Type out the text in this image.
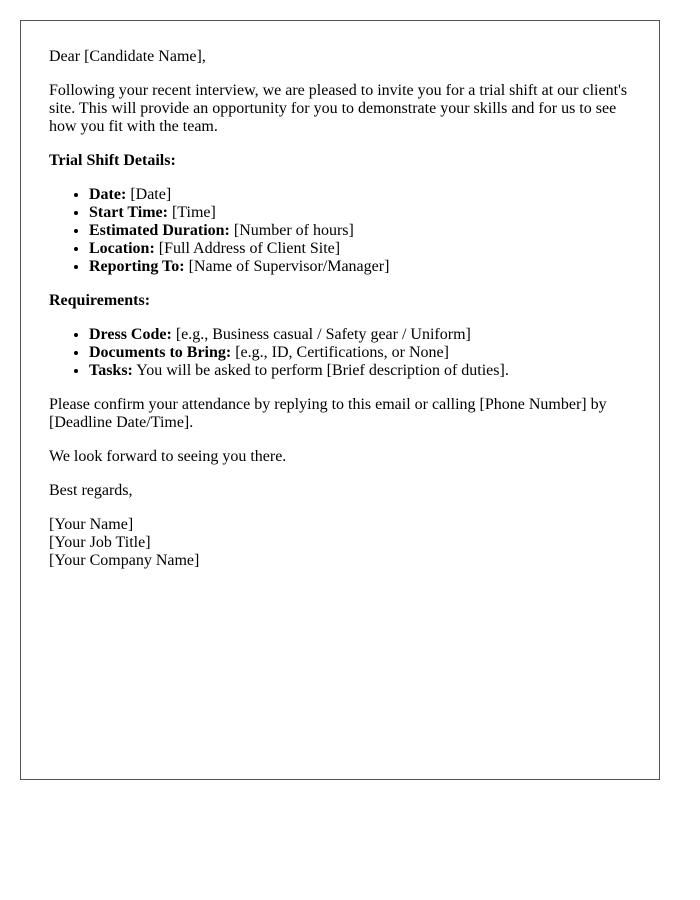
Dear [Candidate Name],

Following your recent interview, we are pleased to invite you for a trial shift at our client's site. This will provide an opportunity for you to demonstrate your skills and for us to see how you fit with the team.

Trial Shift Details:

• Date: [Date]
• Start Time: [Time]
• Estimated Duration: [Number of hours]
• Location: [Full Address of Client Site]
• Reporting To: [Name of Supervisor/Manager]

Requirements:

• Dress Code: [e.g., Business casual / Safety gear / Uniform]
• Documents to Bring: [e.g., ID, Certifications, or None]
• Tasks: You will be asked to perform [Brief description of duties].

Please confirm your attendance by replying to this email or calling [Phone Number] by [Deadline Date/Time].

We look forward to seeing you there.

Best regards,

[Your Name]
[Your Job Title]
[Your Company Name]
